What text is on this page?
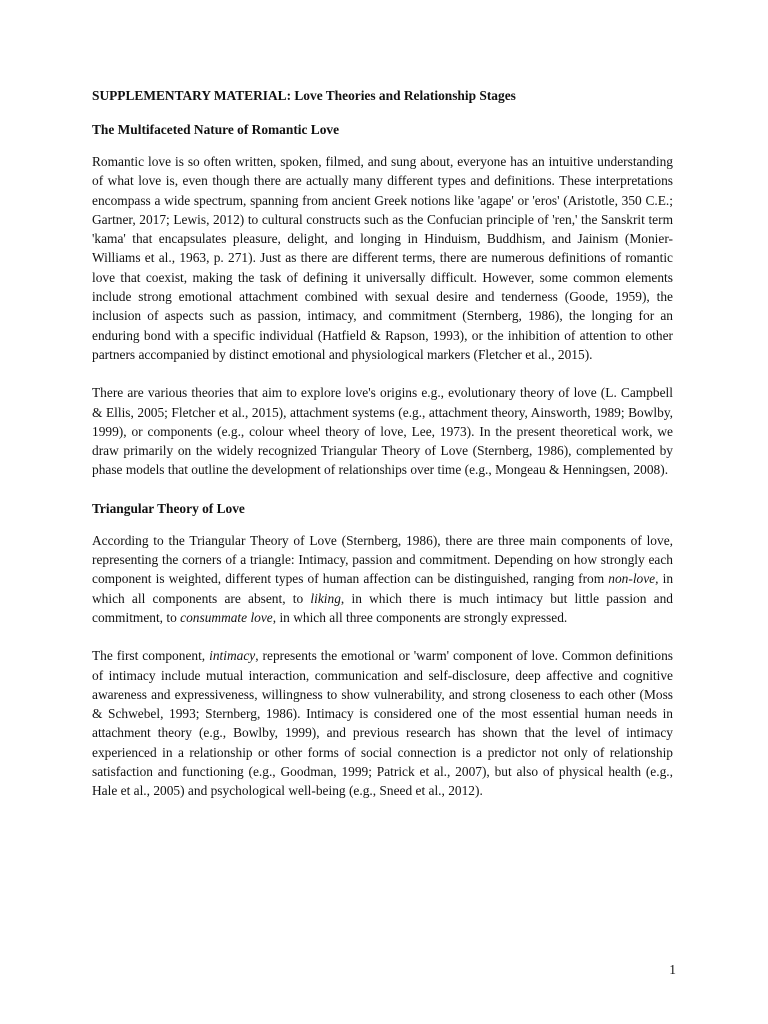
SUPPLEMENTARY MATERIAL: Love Theories and Relationship Stages
The Multifaceted Nature of Romantic Love

Romantic love is so often written, spoken, filmed, and sung about, everyone has an intuitive understanding of what love is, even though there are actually many different types and definitions. These interpretations encompass a wide spectrum, spanning from ancient Greek notions like 'agape' or 'eros' (Aristotle, 350 C.E.; Gartner, 2017; Lewis, 2012) to cultural constructs such as the Confucian principle of 'ren,' the Sanskrit term 'kama' that encapsulates pleasure, delight, and longing in Hinduism, Buddhism, and Jainism (Monier-Williams et al., 1963, p. 271). Just as there are different terms, there are numerous definitions of romantic love that coexist, making the task of defining it universally difficult. However, some common elements include strong emotional attachment combined with sexual desire and tenderness (Goode, 1959), the inclusion of aspects such as passion, intimacy, and commitment (Sternberg, 1986), the longing for an enduring bond with a specific individual (Hatfield & Rapson, 1993), or the inhibition of attention to other partners accompanied by distinct emotional and physiological markers (Fletcher et al., 2015).

There are various theories that aim to explore love's origins e.g., evolutionary theory of love (L. Campbell & Ellis, 2005; Fletcher et al., 2015), attachment systems (e.g., attachment theory, Ainsworth, 1989; Bowlby, 1999), or components (e.g., colour wheel theory of love, Lee, 1973). In the present theoretical work, we draw primarily on the widely recognized Triangular Theory of Love (Sternberg, 1986), complemented by phase models that outline the development of relationships over time (e.g., Mongeau & Henningsen, 2008).

Triangular Theory of Love

According to the Triangular Theory of Love (Sternberg, 1986), there are three main components of love, representing the corners of a triangle: Intimacy, passion and commitment. Depending on how strongly each component is weighted, different types of human affection can be distinguished, ranging from non-love, in which all components are absent, to liking, in which there is much intimacy but little passion and commitment, to consummate love, in which all three components are strongly expressed.

The first component, intimacy, represents the emotional or 'warm' component of love. Common definitions of intimacy include mutual interaction, communication and self-disclosure, deep affective and cognitive awareness and expressiveness, willingness to show vulnerability, and strong closeness to each other (Moss & Schwebel, 1993; Sternberg, 1986). Intimacy is considered one of the most essential human needs in attachment theory (e.g., Bowlby, 1999), and previous research has shown that the level of intimacy experienced in a relationship or other forms of social connection is a predictor not only of relationship satisfaction and functioning (e.g., Goodman, 1999; Patrick et al., 2007), but also of physical health (e.g., Hale et al., 2005) and psychological well-being (e.g., Sneed et al., 2012).

1
